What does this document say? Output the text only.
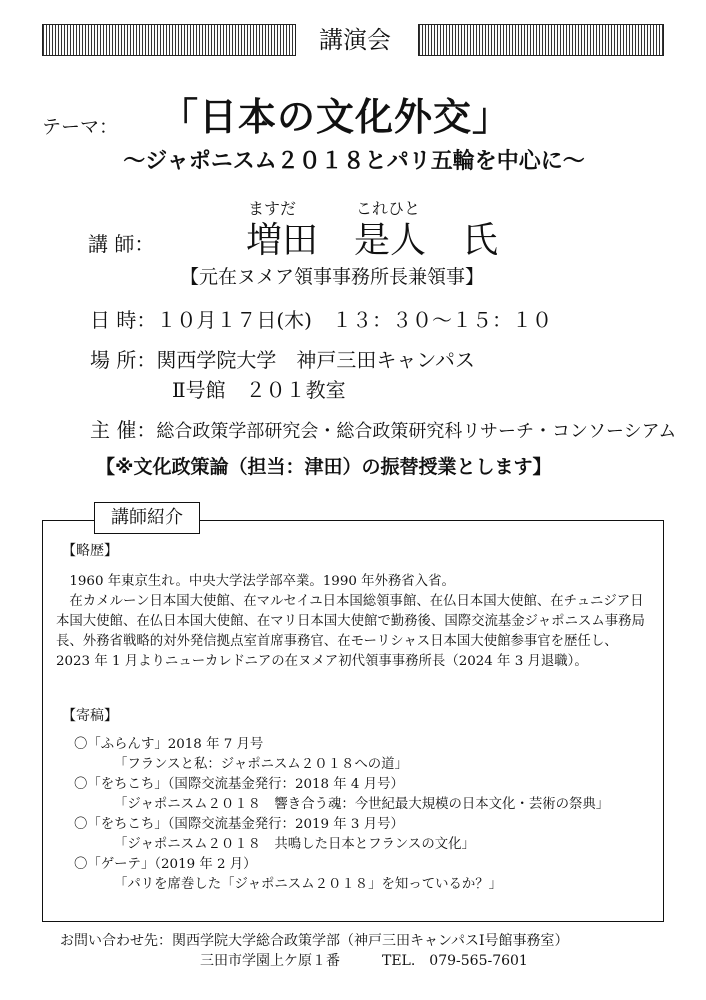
講演会
テーマ： 「日本の文化外交」
～ジャポニスム２０１８とパリ五輪を中心に～
講 師：
ますだ	これひと
増田　是人　氏
【元在ヌメア領事事務所長兼領事】
日 時：１０月１７日(木)　１３：３０～１５：１０
場 所：関西学院大学　神戸三田キャンパス
Ⅱ号館　２０１教室
主 催：総合政策学部研究会・総合政策研究科リサーチ・コンソーシアム
【※文化政策論（担当：津田）の振替授業とします】
講師紹介
【略歴】

1960 年東京生れ。中央大学法学部卒業。1990 年外務省入省。

在カメルーン日本国大使館、在マルセイユ日本国総領事館、在仏日本国大使館、在チュニジア日本国大使館、在仏日本国大使館、在マリ日本国大使館で勤務後、国際交流基金ジャポニスム事務局長、外務省戦略的対外発信拠点室首席事務官、在モーリシャス日本国大使館参事官を歴任し、2023 年 1 月よりニューカレドニアの在ヌメア初代領事事務所長（2024 年 3 月退職）。

【寄稿】

〇「ふらんす」2018 年 7 月号

「フランスと私：ジャポニスム２０１８への道」

〇「をちこち」（国際交流基金発行：2018 年 4 月号）

「ジャポニスム２０１８　響き合う魂：今世紀最大規模の日本文化・芸術の祭典」

〇「をちこち」（国際交流基金発行：2019 年 3 月号）

「ジャポニスム２０１８　共鳴した日本とフランスの文化」

〇「ゲーテ」（2019 年 2 月）

「パリを席巻した「ジャポニスム２０１８」を知っているか？」

お問い合わせ先：関西学院大学総合政策学部（神戸三田キャンパスⅠ号館事務室）
三田市学園上ケ原１番　　　TEL.　079-565-7601
